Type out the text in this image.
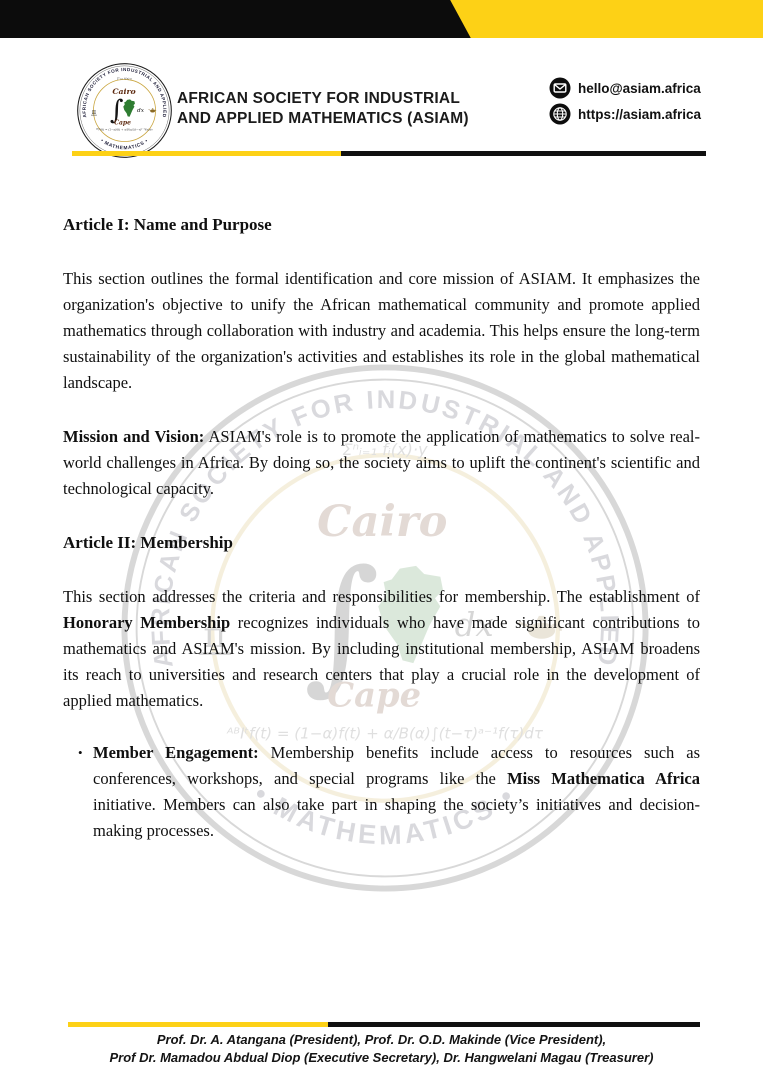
AFRICAN SOCIETY FOR INDUSTRIAL
AND APPLIED MATHEMATICS (ASIAM)
hello@asiam.africa
https://asiam.africa
Article I: Name and Purpose

This section outlines the formal identification and core mission of ASIAM. It emphasizes the organization's objective to unify the African mathematical community and promote applied mathematics through collaboration with industry and academia. This helps ensure the long-term sustainability of the organization's activities and establishes its role in the global mathematical landscape.

Mission and Vision: ASIAM's role is to promote the application of mathematics to solve real-world challenges in Africa. By doing so, the society aims to uplift the continent's scientific and technological capacity.

Article II: Membership

This section addresses the criteria and responsibilities for membership. The establishment of Honorary Membership recognizes individuals who have made significant contributions to mathematics and ASIAM's mission. By including institutional membership, ASIAM broadens its reach to universities and research centers that play a crucial role in the development of applied mathematics.

• Member Engagement: Membership benefits include access to resources such as conferences, workshops, and special programs like the Miss Mathematica Africa initiative. Members can also take part in shaping the society’s initiatives and decision-making processes.
Prof. Dr. A. Atangana (President), Prof. Dr. O.D. Makinde (Vice President),
Prof Dr. Mamadou Abdual Diop (Executive Secretary), Dr. Hangwelani Magau (Treasurer)
